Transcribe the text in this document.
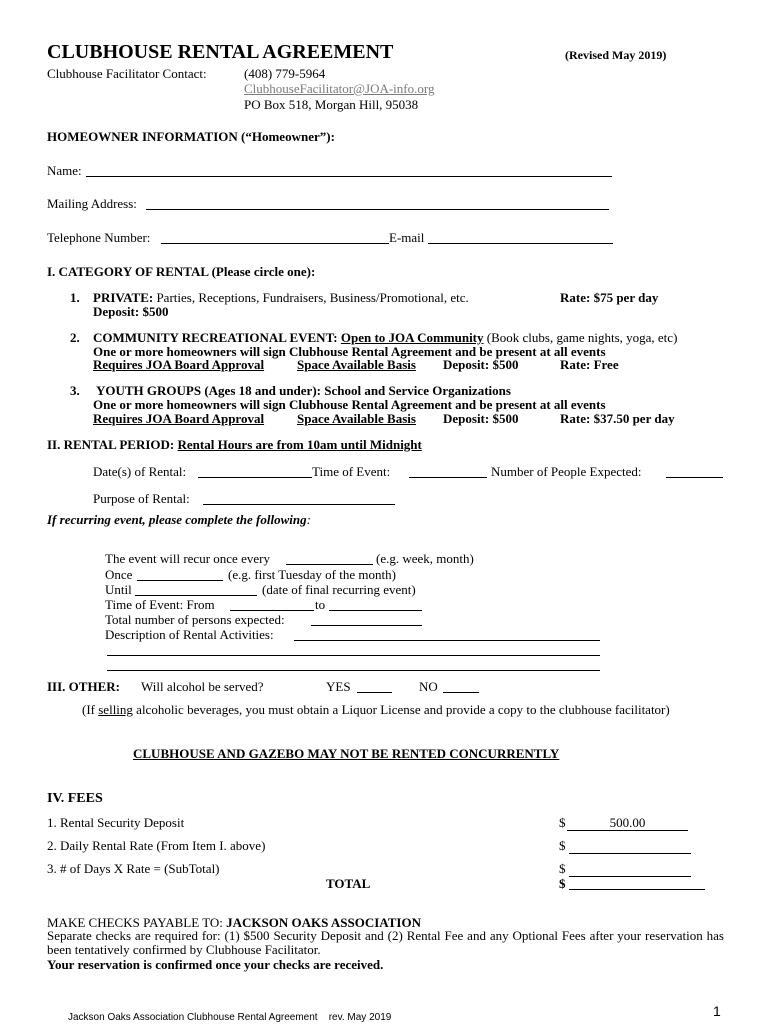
CLUBHOUSE RENTAL AGREEMENT	(Revised May 2019)
Clubhouse Facilitator Contact:	(408) 779-5964
ClubhouseFacilitator@JOA-info.org
PO Box 518, Morgan Hill, 95038
HOMEOWNER INFORMATION (“Homeowner”):
Name:
Mailing Address:
Telephone Number:	E-mail
I. CATEGORY OF RENTAL (Please circle one):
1. PRIVATE: Parties, Receptions, Fundraisers, Business/Promotional, etc.	Rate: $75 per day
Deposit: $500
2. COMMUNITY RECREATIONAL EVENT: Open to JOA Community (Book clubs, game nights, yoga, etc)
One or more homeowners will sign Clubhouse Rental Agreement and be present at all events
Requires JOA Board Approval	Space Available Basis Deposit: $500	Rate: Free
3. YOUTH GROUPS (Ages 18 and under): School and Service Organizations
One or more homeowners will sign Clubhouse Rental Agreement and be present at all events
Requires JOA Board Approval	Space Available Basis Deposit: $500	Rate: $37.50 per day
II. RENTAL PERIOD: Rental Hours are from 10am until Midnight
Date(s) of Rental:	Time of Event:	Number of People Expected:
Purpose of Rental:
If recurring event, please complete the following:
The event will recur once every	(e.g. week, month)
Once	(e.g. first Tuesday of the month)
Until	(date of final recurring event)
Time of Event: From	to
Total number of persons expected:
Description of Rental Activities:
III. OTHER: Will alcohol be served?	YES	NO
(If selling alcoholic beverages, you must obtain a Liquor License and provide a copy to the clubhouse facilitator)
CLUBHOUSE AND GAZEBO MAY NOT BE RENTED CONCURRENTLY
IV. FEES
1. Rental Security Deposit	$	500.00
2. Daily Rental Rate (From Item I. above)	$
3. # of Days X Rate = (SubTotal)	$
TOTAL	$
MAKE CHECKS PAYABLE TO: JACKSON OAKS ASSOCIATION
Separate checks are required for: (1) $500 Security Deposit and (2) Rental Fee and any Optional Fees after your reservation has been tentatively confirmed by Clubhouse Facilitator.
Your reservation is confirmed once your checks are received.
Jackson Oaks Association Clubhouse Rental Agreement    rev. May 2019	1
